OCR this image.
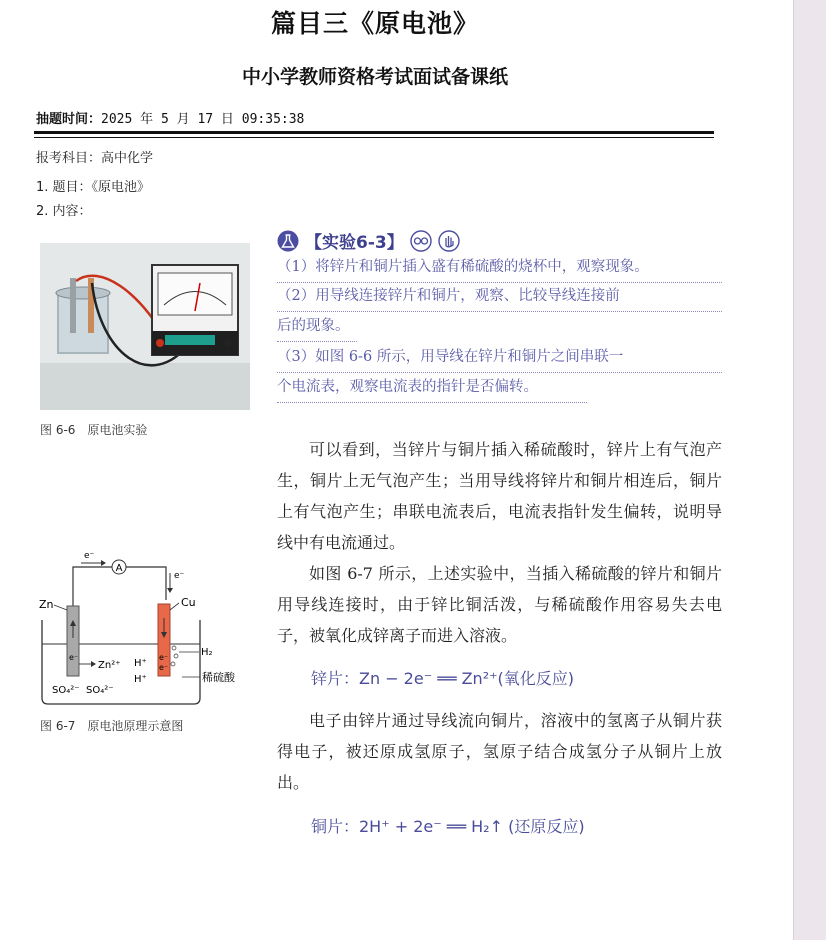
篇目三《原电池》
中小学教师资格考试面试备课纸
抽题时间：2025 年 5 月 17 日 09:35:38
报考科目：高中化学
1. 题目：《原电池》
2. 内容：
图 6-6　原电池实验
A
e⁻
e⁻
Zn
e⁻
Zn²⁺
Cu
e⁻
e⁻
H₂
H⁺
H⁺
SO₄²⁻ SO₄²⁻
稀硫酸
图 6-7　原电池原理示意图
【实验6-3】
（1）将锌片和铜片插入盛有稀硫酸的烧杯中，观察现象。
（2）用导线连接锌片和铜片，观察、比较导线连接前
后的现象。
（3）如图 6-6 所示，用导线在锌片和铜片之间串联一
个电流表，观察电流表的指针是否偏转。

可以看到，当锌片与铜片插入稀硫酸时，锌片上有气泡产生，铜片上无气泡产生；当用导线将锌片和铜片相连后，铜片上有气泡产生；串联电流表后，电流表指针发生偏转，说明导线中有电流通过。

如图 6-7 所示，上述实验中，当插入稀硫酸的锌片和铜片用导线连接时，由于锌比铜活泼，与稀硫酸作用容易失去电子，被氧化成锌离子而进入溶液。

锌片：Zn − 2e⁻ ══ Zn²⁺(氧化反应)

电子由锌片通过导线流向铜片，溶液中的氢离子从铜片获得电子，被还原成氢原子，氢原子结合成氢分子从铜片上放出。

铜片：2H⁺ + 2e⁻ ══ H₂↑ (还原反应)
